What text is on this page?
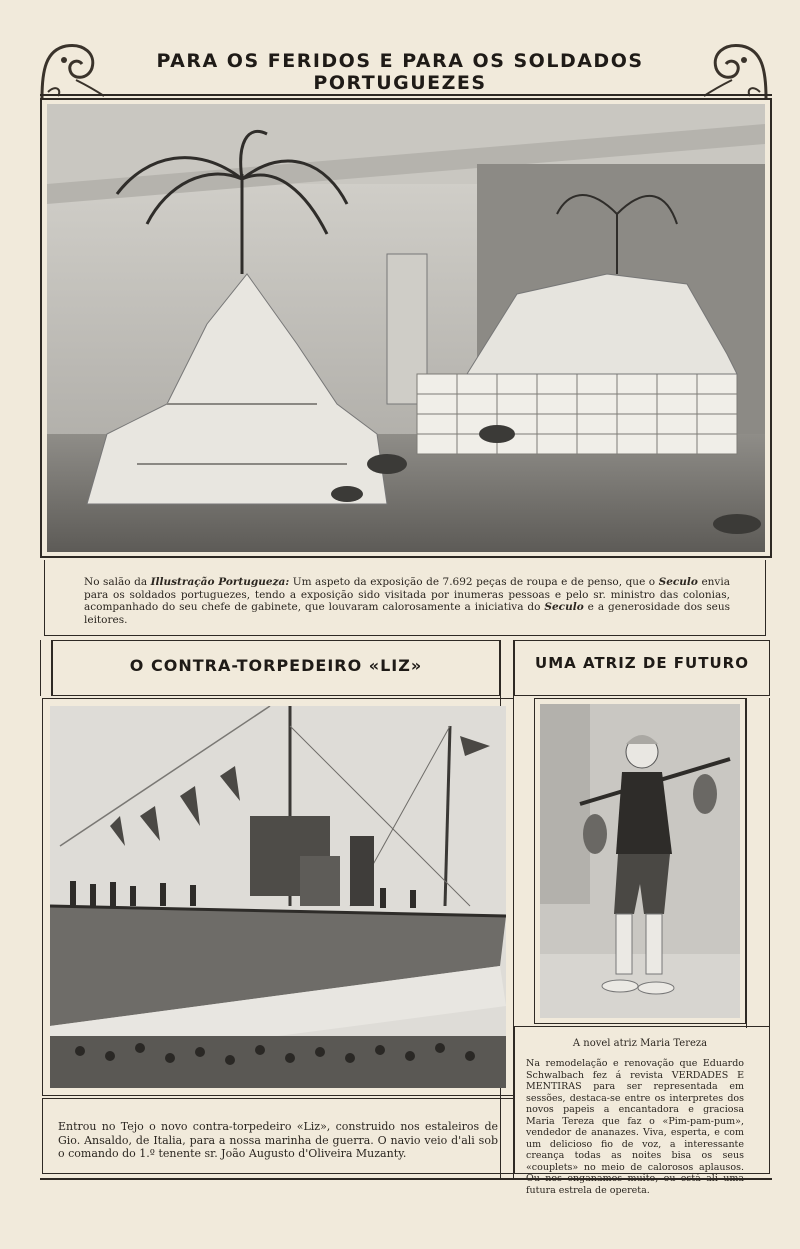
PARA OS FERIDOS E PARA OS SOLDADOS PORTUGUEZES
No salão da Illustração Portugueza: Um aspeto da exposição de 7.692 peças de roupa e de penso, que o Seculo envia para os soldados portuguezes, tendo a exposição sido visitada por inumeras pessoas e pelo sr. ministro das colonias, acompanhado do seu chefe de gabinete, que louvaram calorosamente a iniciativa do Seculo e a generosidade dos seus leitores.
O CONTRA-TORPEDEIRO «LIZ»	UMA ATRIZ DE FUTURO
Entrou no Tejo o novo contra-torpedeiro «Liz», construido nos estaleiros de Gio. Ansaldo, de Italia, para a nossa marinha de guerra. O navio veio d'ali sob o comando do 1.º tenente sr. João Augusto d'Oliveira Muzanty.
A novel atriz Maria Tereza
Na remodelação e renovação que Eduardo Schwalbach fez á revista VERDADES E MENTIRAS para ser representada em sessões, destaca-se entre os interpretes dos novos papeis a encantadora e graciosa Maria Tereza que faz o «Pim-pam-pum», vendedor de ananazes. Viva, esperta, e com um delicioso fio de voz, a interessante creança todas as noites bisa os seus «couplets» no meio de calorosos aplausos. Ou nos enganamos muito, ou está ali uma futura estrela de opereta.
